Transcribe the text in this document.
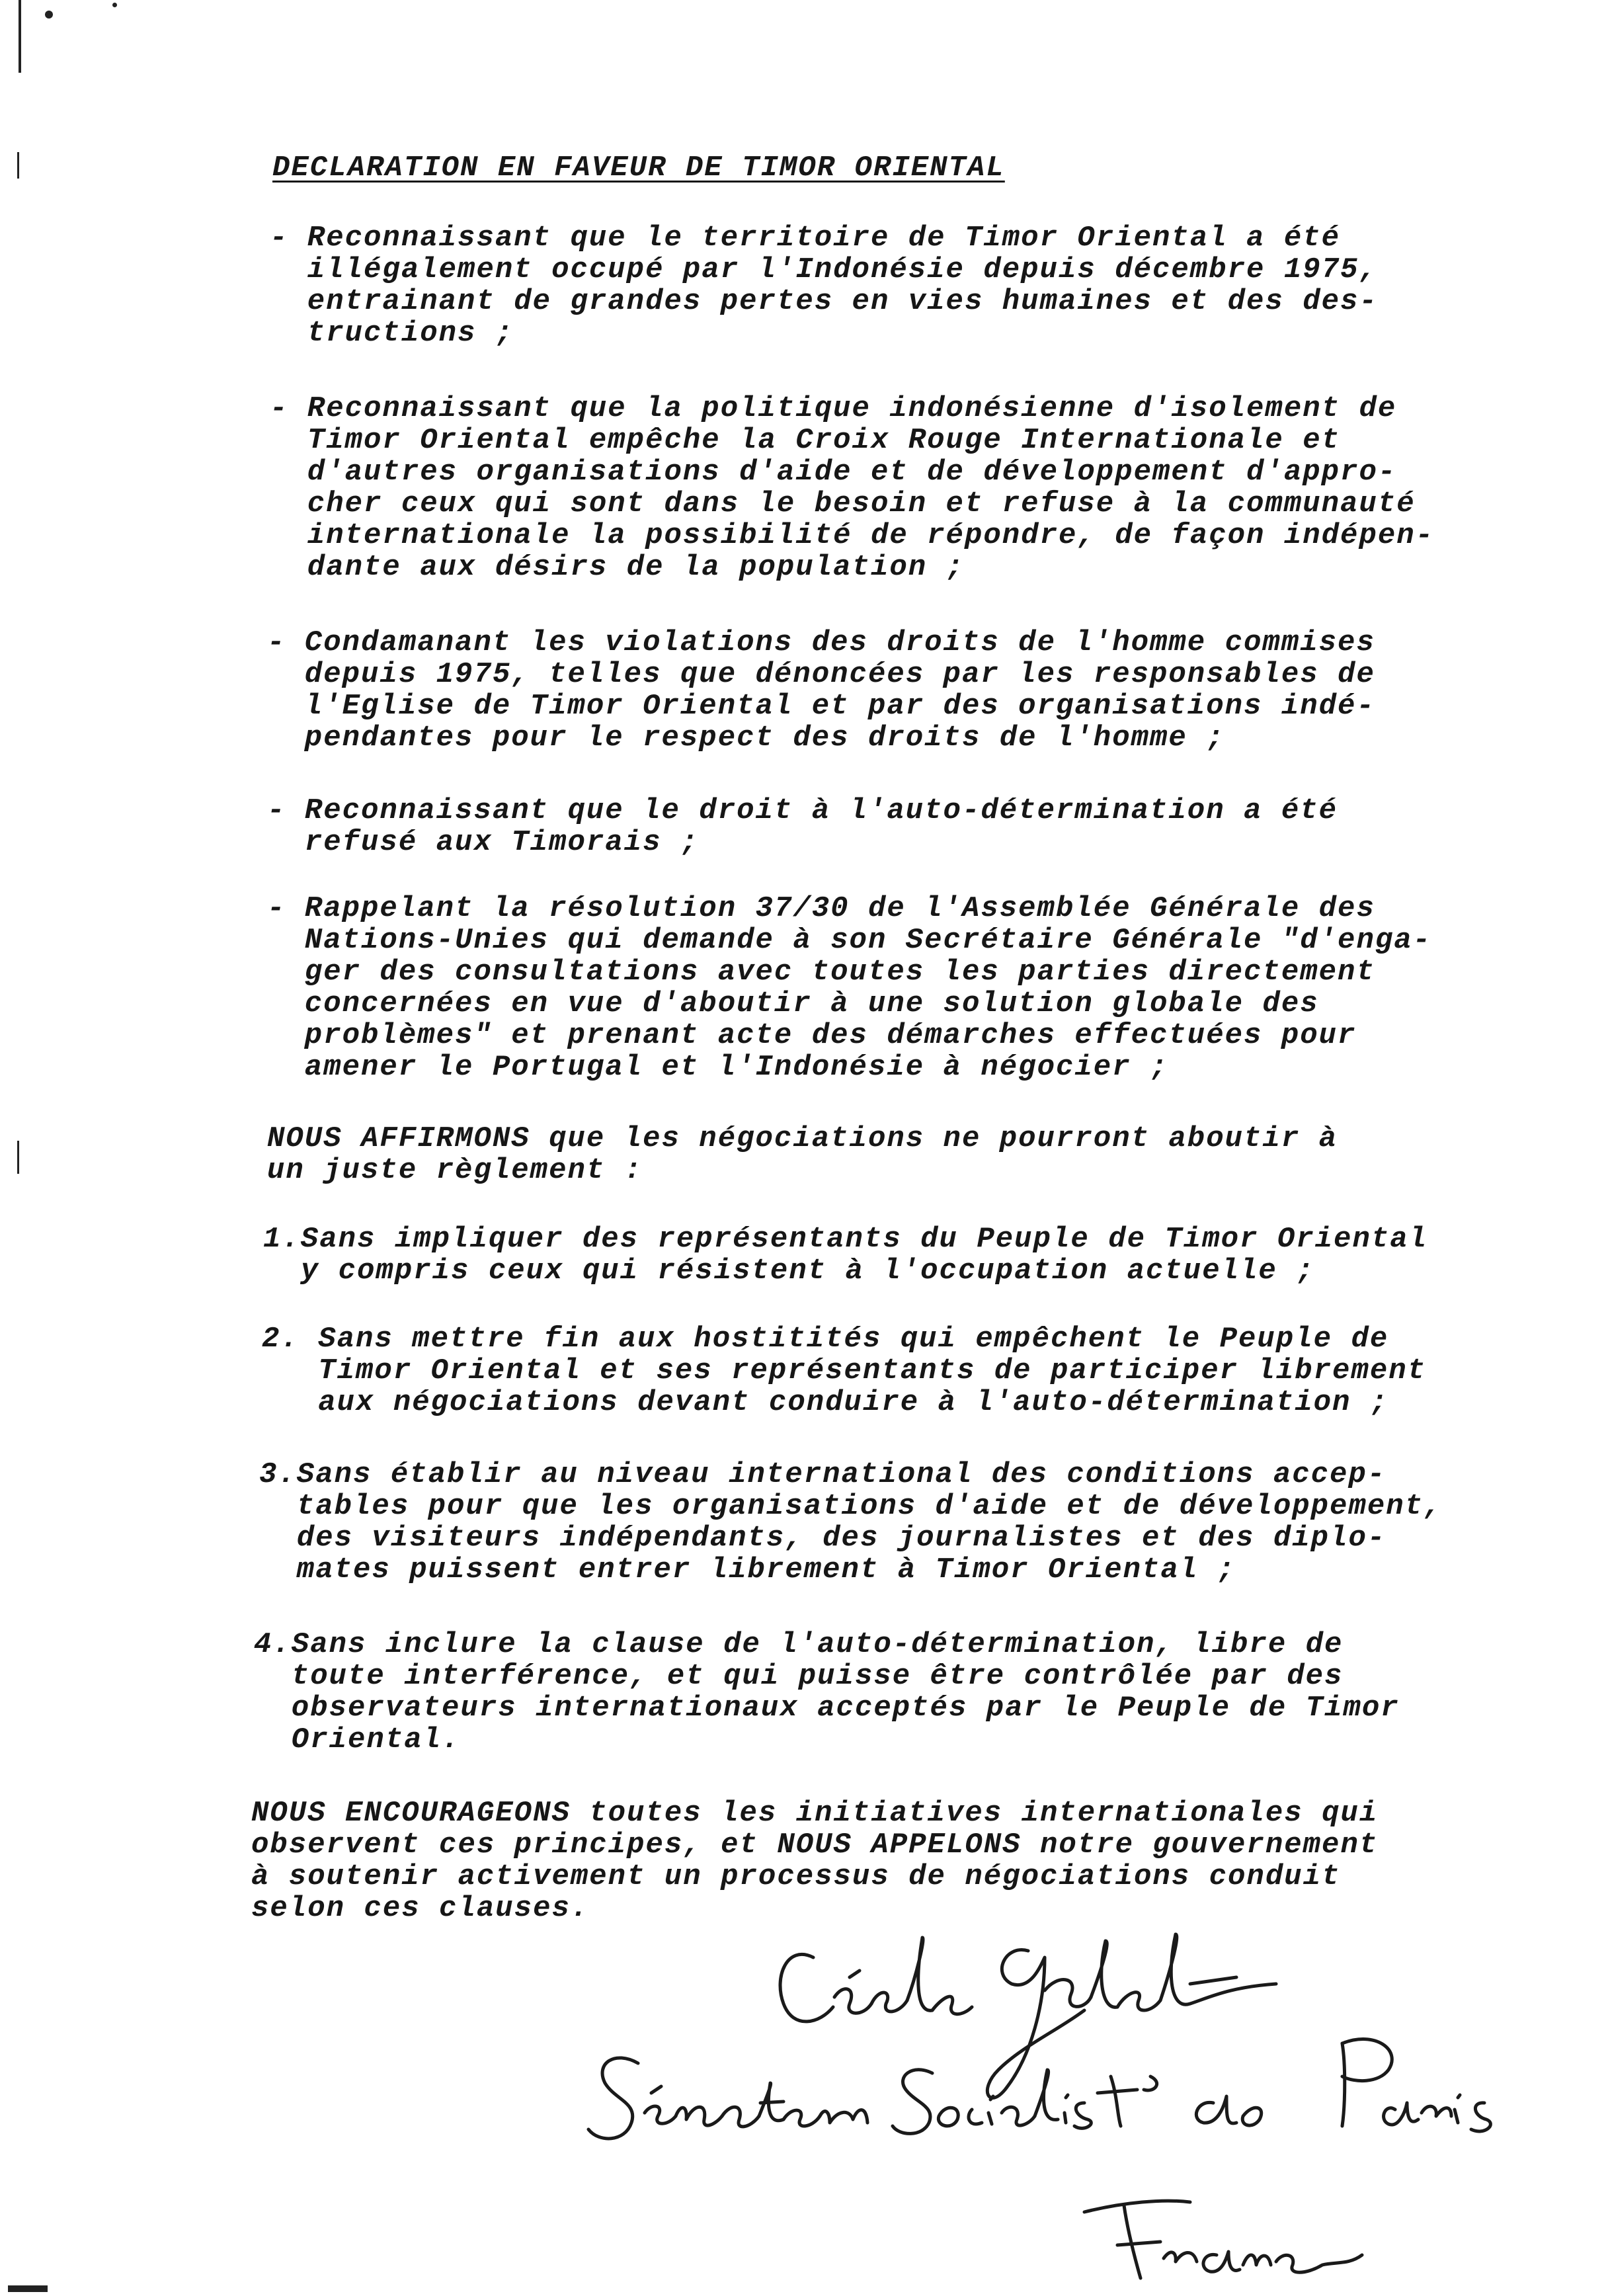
DECLARATION EN FAVEUR DE TIMOR ORIENTAL
- Reconnaissant que le territoire de Timor Oriental a été
illégalement occupé par l'Indonésie depuis décembre 1975,
entrainant de grandes pertes en vies humaines et des des-
tructions ;
- Reconnaissant que la politique indonésienne d'isolement de
Timor Oriental empêche la Croix Rouge Internationale et
d'autres organisations d'aide et de développement d'appro-
cher ceux qui sont dans le besoin et refuse à la communauté
internationale la possibilité de répondre, de façon indépen-
dante aux désirs de la population ;
- Condamanant les violations des droits de l'homme commises
depuis 1975, telles que dénoncées par les responsables de
l'Eglise de Timor Oriental et par des organisations indé-
pendantes pour le respect des droits de l'homme ;
- Reconnaissant que le droit à l'auto-détermination a été
refusé aux Timorais ;
- Rappelant la résolution 37/30 de l'Assemblée Générale des
Nations-Unies qui demande à son Secrétaire Générale "d'enga-
ger des consultations avec toutes les parties directement
concernées en vue d'aboutir à une solution globale des
problèmes" et prenant acte des démarches effectuées pour
amener le Portugal et l'Indonésie à négocier ;
NOUS AFFIRMONS que les négociations ne pourront aboutir à
un juste règlement :
1.Sans impliquer des représentants du Peuple de Timor Oriental
y compris ceux qui résistent à l'occupation actuelle ;
2. Sans mettre fin aux hostitités qui empêchent le Peuple de
Timor Oriental et ses représentants de participer librement
aux négociations devant conduire à l'auto-détermination ;
3.Sans établir au niveau international des conditions accep-
tables pour que les organisations d'aide et de développement,
des visiteurs indépendants, des journalistes et des diplo-
mates puissent entrer librement à Timor Oriental ;
4.Sans inclure la clause de l'auto-détermination, libre de
toute interférence, et qui puisse être contrôlée par des
observateurs internationaux acceptés par le Peuple de Timor
Oriental.
NOUS ENCOURAGEONS toutes les initiatives internationales qui
observent ces principes, et NOUS APPELONS notre gouvernement
à soutenir activement un processus de négociations conduit
selon ces clauses.
